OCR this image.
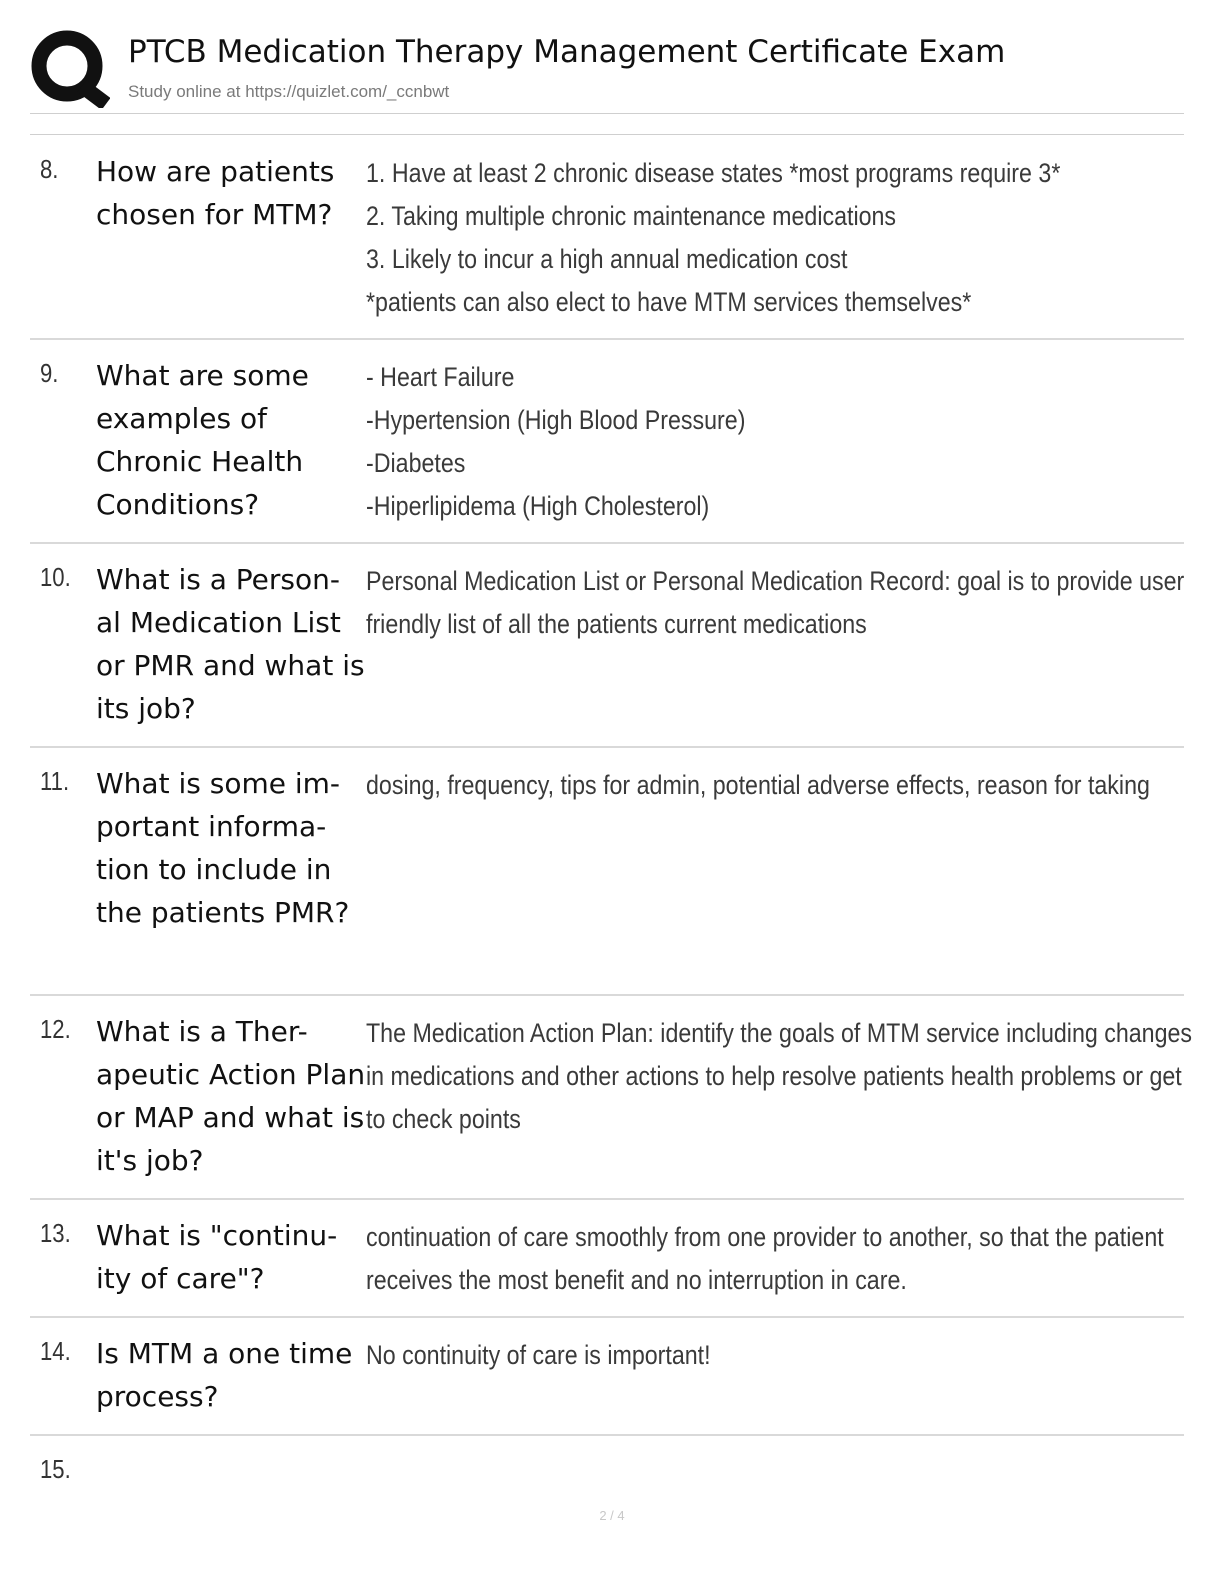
PTCB Medication Therapy Management Certificate Exam
Study online at https://quizlet.com/_ccnbwt
8. How are patients chosen for MTM?
1. Have at least 2 chronic disease states *most programs require 3*
2. Taking multiple chronic maintenance medications
3. Likely to incur a high annual medication cost
*patients can also elect to have MTM services themselves*
9. What are some examples of Chronic Health Conditions?
- Heart Failure
-Hypertension (High Blood Pressure)
-Diabetes
-Hiperlipidema (High Cholesterol)
10. What is a Person- al Medication List or PMR and what is its job?
Personal Medication List or Personal Medication Record: goal is to provide user
friendly list of all the patients current medications
11. What is some im- portant informa- tion to include in the patients PMR?
dosing, frequency, tips for admin, potential adverse effects, reason for taking
12. What is a Ther- apeutic Action Plan or MAP and what is it's job?
The Medication Action Plan: identify the goals of MTM service including changes
in medications and other actions to help resolve patients health problems or get
to check points
13. What is "continu- ity of care"?
continuation of care smoothly from one provider to another, so that the patient
receives the most benefit and no interruption in care.
14. Is MTM a one time process?
No continuity of care is important!
15.
2 / 4
